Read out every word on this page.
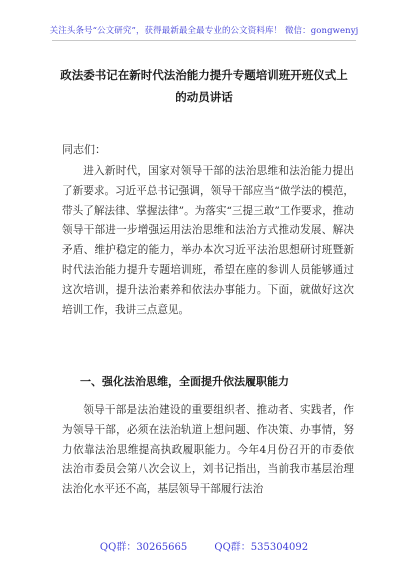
关注头条号“公文研究”，获得最新最全最专业的公文资料库！ 微信：gongwenyj
政法委书记在新时代法治能力提升专题培训班开班仪式上
的动员讲话
同志们：

进入新时代，国家对领导干部的法治思维和法治能力提出了新要求。习近平总书记强调，领导干部应当“做学法的模范，带头了解法律、掌握法律”。为落实“三提三敢”工作要求，推动领导干部进一步增强运用法治思维和法治方式推动发展、解决矛盾、维护稳定的能力，举办本次习近平法治思想研讨班暨新时代法治能力提升专题培训班，希望在座的参训人员能够通过这次培训，提升法治素养和依法办事能力。下面，就做好这次培训工作，我讲三点意见。

一、强化法治思维，全面提升依法履职能力

领导干部是法治建设的重要组织者、推动者、实践者，作为领导干部，必须在法治轨道上想问题、作决策、办事情，努力依靠法治思维提高执政履职能力。今年4月份召开的市委依法治市委员会第八次会议上，刘书记指出，当前我市基层治理法治化水平还不高，基层领导干部履行法治

QQ群：30265665	QQ群：535304092
